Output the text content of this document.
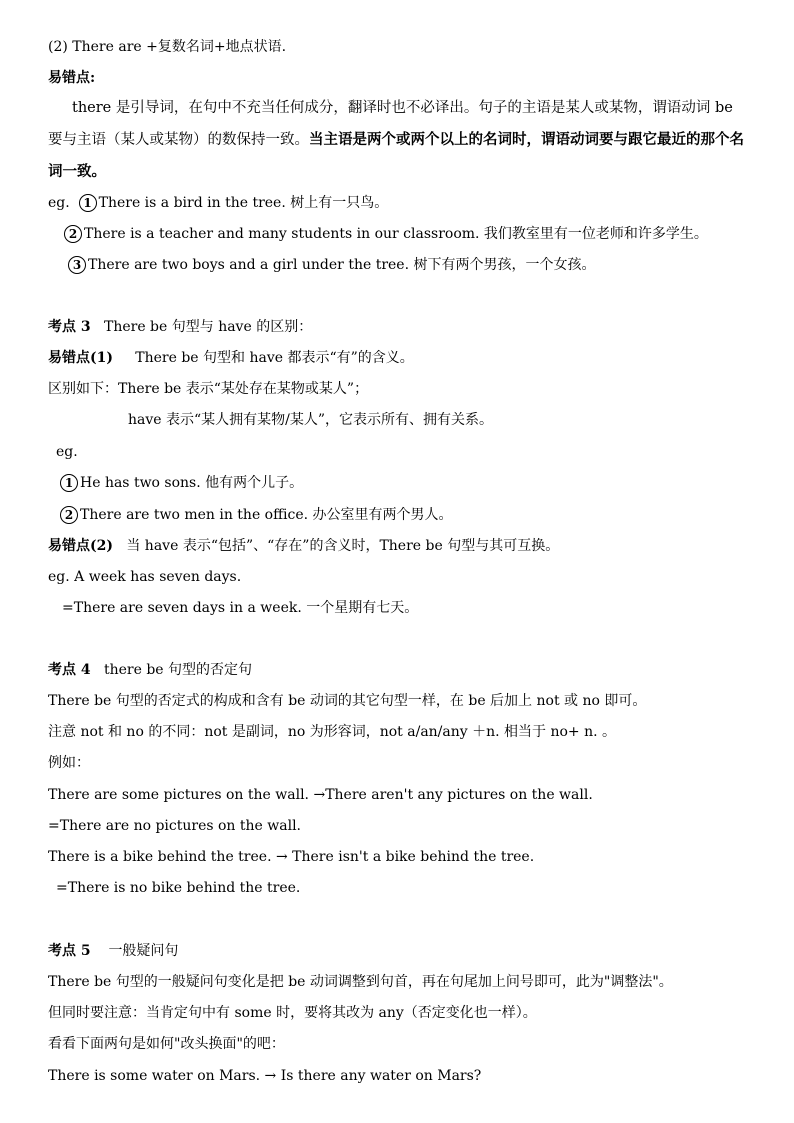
(2) There are +复数名词+地点状语.
易错点:
there 是引导词，在句中不充当任何成分，翻译时也不必译出。句子的主语是某人或某物，谓语动词 be 要与主语（某人或某物）的数保持一致。当主语是两个或两个以上的名词时，谓语动词要与跟它最近的那个名词一致。
eg. 1 There is a bird in the tree. 树上有一只鸟。
2 There is a teacher and many students in our classroom. 我们教室里有一位老师和许多学生。
3 There are two boys and a girl under the tree. 树下有两个男孩，一个女孩。
考点 3 There be 句型与 have 的区别：
易错点(1) There be 句型和 have 都表示“有”的含义。
区别如下：There be 表示“某处存在某物或某人”；
have 表示“某人拥有某物/某人”，它表示所有、拥有关系。
eg.
1 He has two sons. 他有两个儿子。
2 There are two men in the office. 办公室里有两个男人。
易错点(2) 当 have 表示“包括”、“存在”的含义时，There be 句型与其可互换。
eg. A week has seven days.
=There are seven days in a week. 一个星期有七天。
考点 4 there be 句型的否定句
There be 句型的否定式的构成和含有 be 动词的其它句型一样，在 be 后加上 not 或 no 即可。
注意 not 和 no 的不同：not 是副词，no 为形容词，not a/an/any ＋n. 相当于 no+ n. 。
例如：
There are some pictures on the wall. →There aren't any pictures on the wall.
=There are no pictures on the wall.
There is a bike behind the tree. → There isn't a bike behind the tree.
=There is no bike behind the tree.
考点 5 一般疑问句
There be 句型的一般疑问句变化是把 be 动词调整到句首，再在句尾加上问号即可，此为"调整法"。
但同时要注意：当肯定句中有 some 时，要将其改为 any（否定变化也一样）。
看看下面两句是如何"改头换面"的吧：
There is some water on Mars. → Is there any water on Mars?
